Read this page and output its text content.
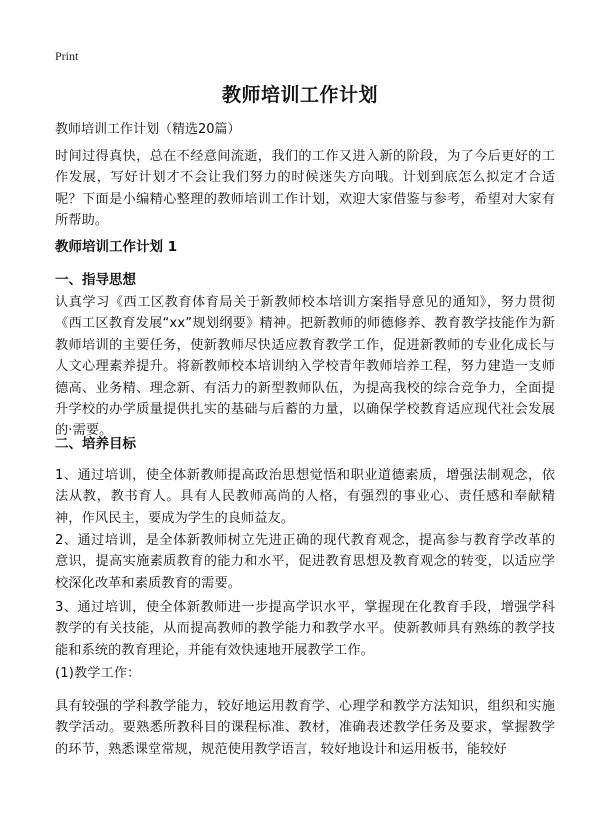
Print
教师培训工作计划
教师培训工作计划（精选20篇）
时间过得真快，总在不经意间流逝，我们的工作又进入新的阶段，为了今后更好的工作发展，写好计划才不会让我们努力的时候迷失方向哦。计划到底怎么拟定才合适呢？下面是小编精心整理的教师培训工作计划，欢迎大家借鉴与参考，希望对大家有所帮助。
教师培训工作计划 1
一、指导思想
认真学习《西工区教育体育局关于新教师校本培训方案指导意见的通知》，努力贯彻《西工区教育发展“xx”规划纲要》精神。把新教师的师德修养、教育教学技能作为新教师培训的主要任务，使新教师尽快适应教育教学工作，促进新教师的专业化成长与人文心理素养提升。将新教师校本培训纳入学校青年教师培养工程，努力建造一支师德高、业务精、理念新、有活力的新型教师队伍，为提高我校的综合竞争力，全面提升学校的办学质量提供扎实的基础与后蓄的力量，以确保学校教育适应现代社会发展的·需要。
二、培养目标
1、通过培训，使全体新教师提高政治思想觉悟和职业道德素质，增强法制观念，依法从教，教书育人。具有人民教师高尚的人格，有强烈的事业心、责任感和奉献精神，作风民主，要成为学生的良师益友。
2、通过培训，是全体新教师树立先进正确的现代教育观念，提高参与教育学改革的意识，提高实施素质教育的能力和水平，促进教育思想及教育观念的转变，以适应学校深化改革和素质教育的需要。
3、通过培训，使全体新教师进一步提高学识水平，掌握现在化教育手段，增强学科教学的有关技能，从而提高教师的教学能力和教学水平。使新教师具有熟练的教学技能和系统的教育理论，并能有效快速地开展教学工作。
(1)教学工作：
具有较强的学科教学能力，较好地运用教育学、心理学和教学方法知识，组织和实施教学活动。要熟悉所教科目的课程标准、教材，准确表述教学任务及要求，掌握教学的环节，熟悉课堂常规，规范使用教学语言，较好地设计和运用板书，能较好
